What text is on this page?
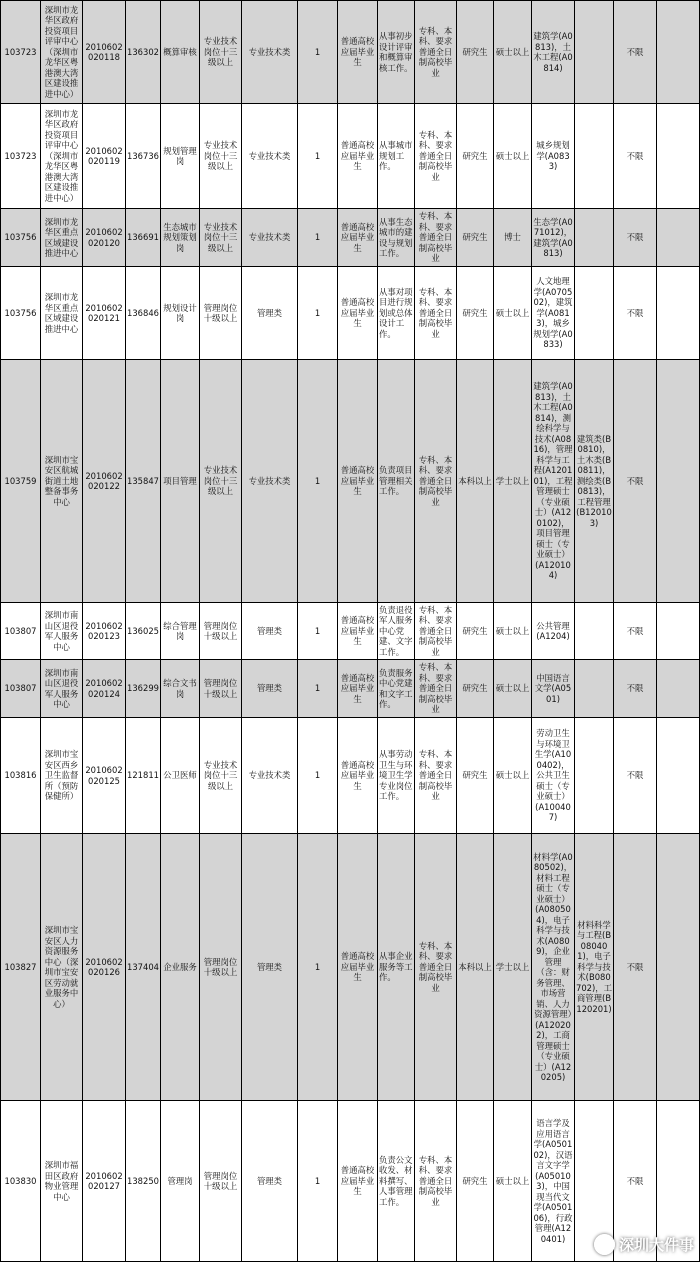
103723	深圳市龙华区政府投资项目评审中心（深圳市龙华区粤港澳大湾区建设推进中心）	2010602020118	136302	概算审核	专业技术岗位十三级以上	专业技术类	1	普通高校应届毕业生	从事初步设计评审和概算审核工作。	专科、本科、要求普通全日制高校毕业	研究生	硕士以上	建筑学(A0813)，土木工程(A0814)		不限	
103723	深圳市龙华区政府投资项目评审中心（深圳市龙华区粤港澳大湾区建设推进中心）	2010602020119	136736	规划管理岗	专业技术岗位十三级以上	专业技术类	1	普通高校应届毕业生	从事城市规划工作。	专科、本科、要求普通全日制高校毕业	研究生	硕士以上	城乡规划学(A0833)		不限	
103756	深圳市龙华区重点区域建设推进中心	2010602020120	136691	生态城市规划策划岗	专业技术岗位十三级以上	专业技术类	1	普通高校应届毕业生	从事生态城市的建设与规划工作。	专科、本科、要求普通全日制高校毕业	研究生	博士	生态学(A071012)，建筑学(A0813)		不限	
103756	深圳市龙华区重点区域建设推进中心	2010602020121	136846	规划设计岗	管理岗位十级以上	管理类	1	普通高校应届毕业生	从事对项目进行规划或总体设计工作。	专科、本科、要求普通全日制高校毕业	研究生	硕士以上	人文地理学(A070502)，建筑学(A0813)，城乡规划学(A0833)		不限	
103759	深圳市宝安区航城街道土地整备事务中心	2010602020122	135847	项目管理	专业技术岗位十三级以上	专业技术类	1	普通高校应届毕业生	负责项目管理相关工作。	专科、本科、要求普通全日制高校毕业	本科以上	学士以上	建筑学(A0813)，土木工程(A0814)，测绘科学与技术(A0816)，管理科学与工程(A120101)，工程管理硕士（专业硕士）(A120102)，项目管理硕士（专业硕士）(A120104)	建筑类(B0810)，土木类(B0811)，测绘类(B0813)，工程管理(B120103)	不限	
103807	深圳市南山区退役军人服务中心	2010602020123	136025	综合管理岗	管理岗位十级以上	管理类	1	普通高校应届毕业生	负责退役军人服务中心党建、文字工作。	专科、本科、要求普通全日制高校毕业	研究生	硕士以上	公共管理(A1204)		不限	
103807	深圳市南山区退役军人服务中心	2010602020124	136299	综合文书岗	管理岗位十级以上	管理类	1	普通高校应届毕业生	负责服务中心党建和文字工作。	专科、本科、要求普通全日制高校毕业	研究生	硕士以上	中国语言文学(A0501)		不限	
103816	深圳市宝安区西乡卫生监督所（预防保健所）	2010602020125	121811	公卫医师	专业技术岗位十三级以上	专业技术类	1	普通高校应届毕业生	从事劳动卫生与环境卫生学专业岗位工作。	专科、本科、要求普通全日制高校毕业	研究生	硕士以上	劳动卫生与环境卫生学(A100402)，公共卫生硕士（专业硕士）(A100407)		不限	
103827	深圳市宝安区人力资源服务中心（深圳市宝安区劳动就业服务中心）	2010602020126	137404	企业服务	管理岗位十级以上	管理类	1	普通高校应届毕业生	从事企业服务等工作。	专科、本科、要求普通全日制高校毕业	本科以上	学士以上	材料学(A080502)，材料工程硕士（专业硕士）(A080504)，电子科学与技术(A0809)，企业管理（含：财务管理、市场营销、人力资源管理）(A120202)，工商管理硕士（专业硕士）(A120205)	材料科学与工程(B080401)，电子科学与技术(B080702)，工商管理(B120201)	不限	
103830	深圳市福田区政府物业管理中心	2010602020127	138250	管理岗	管理岗位十级以上	管理类	1	普通高校应届毕业生	负责公文收发、材料撰写、人事管理工作。	专科、本科、要求普通全日制高校毕业	研究生	硕士以上	语言学及应用语言学(A050102)，汉语言文字学(A050103)，中国现当代文学(A050106)，行政管理(A120401)		不限	
深圳大件事
